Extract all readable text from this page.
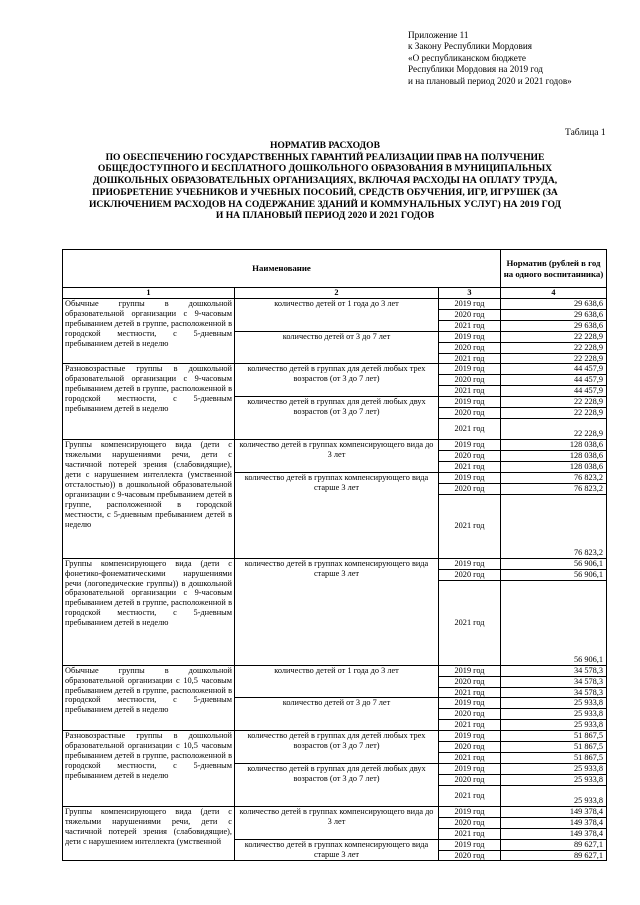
Приложение 11
к Закону Республики Мордовия
«О республиканском бюджете
Республики Мордовия на 2019 год
и на плановый период 2020 и 2021 годов»
Таблица 1
НОРМАТИВ РАСХОДОВ
ПО ОБЕСПЕЧЕНИЮ ГОСУДАРСТВЕННЫХ ГАРАНТИЙ РЕАЛИЗАЦИИ ПРАВ НА ПОЛУЧЕНИЕ
ОБЩЕДОСТУПНОГО И БЕСПЛАТНОГО ДОШКОЛЬНОГО ОБРАЗОВАНИЯ В МУНИЦИПАЛЬНЫХ
ДОШКОЛЬНЫХ ОБРАЗОВАТЕЛЬНЫХ ОРГАНИЗАЦИЯХ, ВКЛЮЧАЯ РАСХОДЫ НА ОПЛАТУ ТРУДА,
ПРИОБРЕТЕНИЕ УЧЕБНИКОВ И УЧЕБНЫХ ПОСОБИЙ, СРЕДСТВ ОБУЧЕНИЯ, ИГР, ИГРУШЕК (ЗА
ИСКЛЮЧЕНИЕМ РАСХОДОВ НА СОДЕРЖАНИЕ ЗДАНИЙ И КОММУНАЛЬНЫХ УСЛУГ) НА 2019 ГОД
И НА ПЛАНОВЫЙ ПЕРИОД 2020 И 2021 ГОДОВ
Наименование			Норматив (рублей в год на одного воспитанника)
1	2	3	4
Обычные группы в дошкольной образовательной организации с 9-часовым пребыванием детей в группе, расположенной в городской местности, с 5-дневным пребыванием детей в неделю	количество детей от 1 года до 3 лет	2019 год	29 638,6
		2020 год	29 638,6
		2021 год	29 638,6
	количество детей от 3 до 7 лет	2019 год	22 228,9
		2020 год	22 228,9
		2021 год	22 228,9
Разновозрастные группы в дошкольной образовательной организации с 9-часовым пребыванием детей в группе, расположенной в городской местности, с 5-дневным пребыванием детей в неделю	количество детей в группах для детей любых трех возрастов (от 3 до 7 лет)	2019 год	44 457,9
		2020 год	44 457,9
		2021 год	44 457,9
	количество детей в группах для детей любых двух возрастов (от 3 до 7 лет)	2019 год	22 228,9
		2020 год	22 228,9
		2021 год	22 228,9
Группы компенсирующего вида (дети с тяжелыми нарушениями речи, дети с частичной потерей зрения (слабовидящие), дети с нарушением интеллекта (умственной отсталостью)) в дошкольной образовательной организации с 9-часовым пребыванием детей в группе, расположенной в городской местности, с 5-дневным пребыванием детей в неделю	количество детей в группах компенсирующего вида до 3 лет	2019 год	128 038,6
		2020 год	128 038,6
		2021 год	128 038,6
	количество детей в группах компенсирующего вида старше 3 лет	2019 год	76 823,2
		2020 год	76 823,2
		2021 год	76 823,2
Группы компенсирующего вида (дети с фонетико-фонематическими нарушениями речи (логопедические группы)) в дошкольной образовательной организации с 9-часовым пребыванием детей в группе, расположенной в городской местности, с 5-дневным пребыванием детей в неделю	количество детей в группах компенсирующего вида старше 3 лет	2019 год	56 906,1
		2020 год	56 906,1
		2021 год	56 906,1
Обычные группы в дошкольной образовательной организации с 10,5 часовым пребыванием детей в группе, расположенной в городской местности, с 5-дневным пребыванием детей в неделю	количество детей от 1 года до 3 лет	2019 год	34 578,3
		2020 год	34 578,3
		2021 год	34 578,3
	количество детей от 3 до 7 лет	2019 год	25 933,8
		2020 год	25 933,8
		2021 год	25 933,8
Разновозрастные группы в дошкольной образовательной организации с 10,5 часовым пребыванием детей в группе, расположенной в городской местности, с 5-дневным пребыванием детей в неделю	количество детей в группах для детей любых трех возрастов (от 3 до 7 лет)	2019 год	51 867,5
		2020 год	51 867,5
		2021 год	51 867,5
	количество детей в группах для детей любых двух возрастов (от 3 до 7 лет)	2019 год	25 933,8
		2020 год	25 933,8
		2021 год	25 933,8
Группы компенсирующего вида (дети с тяжелыми нарушениями речи, дети с частичной потерей зрения (слабовидящие), дети с нарушением интеллекта (умственной	количество детей в группах компенсирующего вида до 3 лет	2019 год	149 378,4
		2020 год	149 378,4
		2021 год	149 378,4
	количество детей в группах компенсирующего вида старше 3 лет	2019 год	89 627,1
		2020 год	89 627,1
